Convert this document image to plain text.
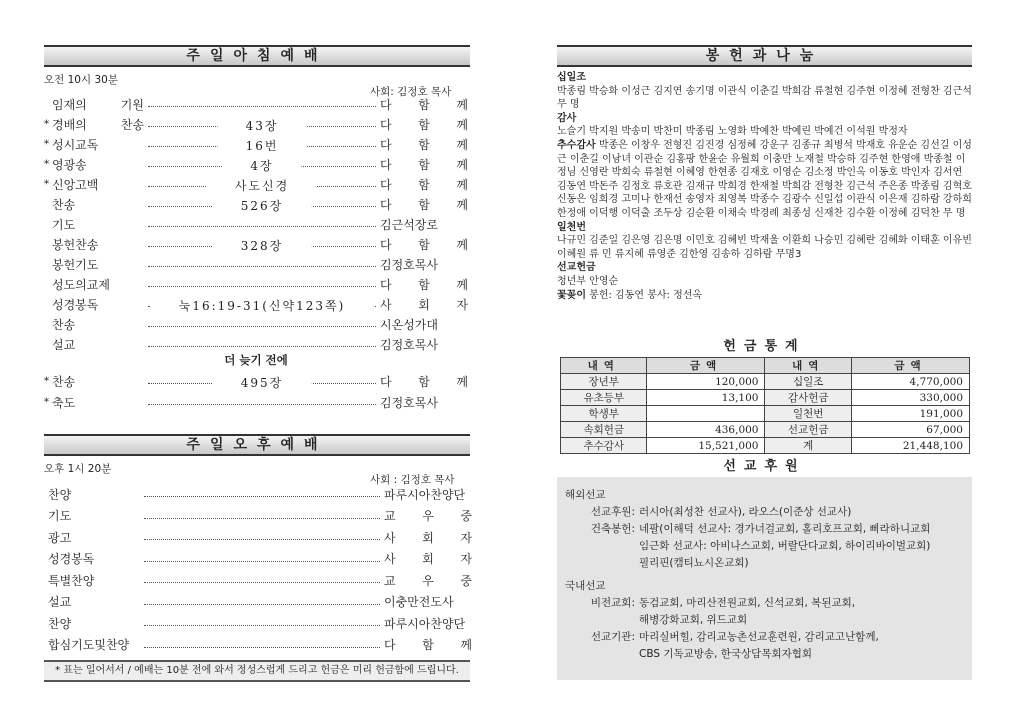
주일아침예배
오전 10시 30분
사회: 김정호 목사
임재의 기원	다 함 께
* 경배의 찬송	43장	다 함 께
* 성시교독	16번	다 함 께
* 영광송	4장	다 함 께
* 신앙고백	사도신경	다 함 께
찬송	526장	다 함 께
기도	김근석장로
봉헌찬송	328장	다 함 께
봉헌기도	김정호목사
성도의교제	다 함 께
성경봉독	눅16:19-31(신약123쪽)	사 회 자
찬송	시온성가대
설교	김정호목사
* 찬송	495장	다 함 께
* 축도	김정호목사
더 늦기 전에
주일오후예배
오후 1시 20분
사회 : 김정호 목사
찬양	파루시아찬양단
기도	교 우 중
광고	사 회 자
성경봉독	사 회 자
특별찬양	교 우 중
설교	이충만전도사
찬양	파루시아찬양단
합심기도및찬양	다 함 께
* 표는 일어서서 / 예배는 10분 전에 와서 정성스럽게 드리고 헌금은 미리 헌금함에 드립니다.
봉헌과나눔
십일조
박종림 박승화 이성근 김지연 송기명 이관식 이춘길 박희감 류철현 김주현 이정혜 전형찬 김근석 무 명
감사
노슬기 박지원 박송미 박찬미 박종림 노영화 박예찬 박예린 박예건 이석원 박정자
추수감사 박종은 이창우 전형진 김진경 심정혜 강운구 김종규 최병석 박재호 유운순 김선길 이성근 이춘길 이남녀 이관순 김홍팡 한윤순 유월희 이충만 노재철 박승하 김주현 한영애 박종철 이정님 신영란 박희숙 류철현 이혜영 한현종 김재호 이영순 김소정 박인옥 이동호 박인자 김서연 김동연 박돈주 김정호 류호관 김재규 박희경 한재철 박희감 전형찬 김근석 주은종 박종림 김혁호 신동은 임희경 고미나 한재선 송영자 최영복 박종수 김광수 신일섭 이관식 이은재 김하람 강하희 한정애 이덕행 이덕출 조두상 김순환 이채숙 박경례 최종성 신재찬 김수환 이정혜 김덕찬 무 명
일천번
나규민 김준일 김은영 김은명 이민호 김혜빈 박재울 이환희 나승민 김혜란 김혜화 이태훈 이유빈 이혜원 류 민 류지혜 류영준 김한영 김송하 김하람 무명3
선교헌금
청년부 안영순
꽃꽂이 봉헌: 김동연 봉사: 정선옥
헌금통계
내역	금액	내역	금액
장년부	120,000	십일조	4,770,000
유초등부	13,100	감사헌금	330,000
학생부		일천번	191,000
속회헌금	436,000	선교헌금	67,000
추수감사	15,521,000	계	21,448,100
선교후원
해외선교
선교후원: 러시아(최성찬 선교사), 라오스(이준상 선교사)
건축봉헌: 네팔(이해덕 선교사: 경가너걸교회, 홀리호프교회, 삐라하니교회
임근화 선교사: 아비나스교회, 버랄단다교회, 하이리바이벌교회)
필리핀(캠티뇨시온교회)
국내선교
비전교회: 동검교회, 마리산전원교회, 신석교회, 복된교회,
해병강화교회, 위드교회
선교기관: 마리실버힐, 감리교농촌선교훈련원, 감리교고난함께,
CBS 기독교방송, 한국상담목회자협회
